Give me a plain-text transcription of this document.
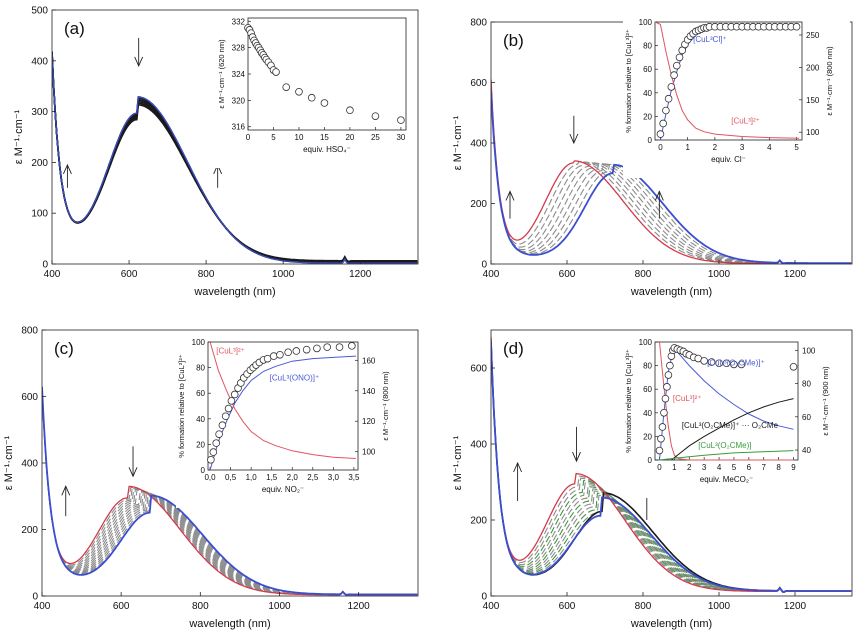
400	600	800	1000	1200
0
100
200
300
400
500
wavelength (nm)
ε M⁻¹·cm⁻¹
(a)
0	5 10 15 20 25 30
316
320
324
328
332
equiv. HSO₄⁻
ε M⁻¹·cm⁻¹ (620 nm)
400	600	800	1000	1200
0
200
400
600
800
wavelength (nm)
ε M⁻¹·cm⁻¹
(b)
0	1	2	3	4	5
0
20
40
60
80
100
equiv. Cl⁻
% formation relative to [CuL³]²⁺	100
150
200
250
ε M⁻¹·cm⁻¹ (800 nm)
[CuL³Cl]⁺
[CuL³]²⁺
400	600	800	1000	1200
0
200
400
600
800
wavelength (nm)
ε M⁻¹·cm⁻¹
(c)
0,0 0,5 1,0 1,5 2,0 2,5 3,0 3,5
0
20
40
60
80
100
equiv. NO₂⁻
% formation relative to [CuL³]²⁺	100
120
140
160
ε M⁻¹·cm⁻¹ (800 nm)
[CuL³]²⁺
[CuL³(ONO)]⁺
400	600	800	1000	1200
0
200
400
600
wavelength (nm)
ε M⁻¹·cm⁻¹
(d)
0 1 2 3 4 5 6 7 8 9
0
20
40
60
80
100
equiv. MeCO₂⁻
% formation relative to [CuL³]²⁺	40
60
80
100
ε M⁻¹·cm⁻¹ (900 nm)
[CuL³(O₂CMe)]⁺
[CuL³]²⁺
[CuL³(O₂CMe)]⁺ ··· O₂CMe
[CuL³(O₂CMe)]
